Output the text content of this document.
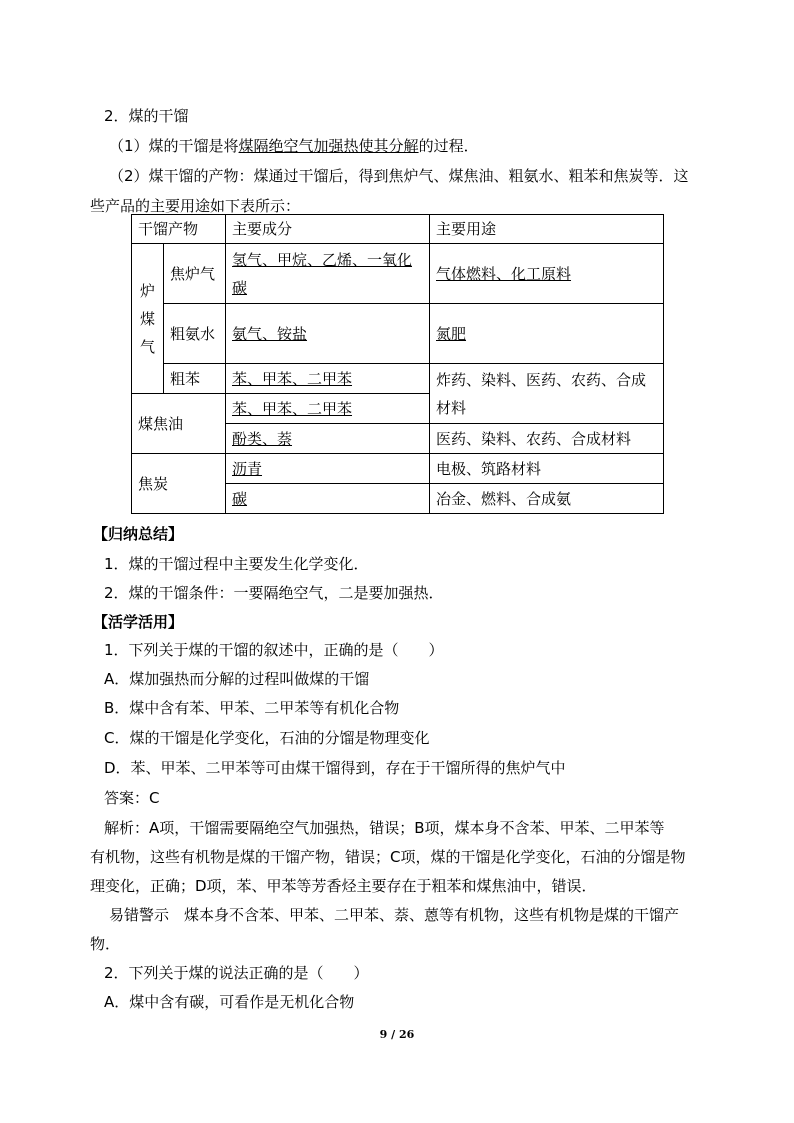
2．煤的干馏
（1）煤的干馏是将煤隔绝空气加强热使其分解的过程．
（2）煤干馏的产物：煤通过干馏后，得到焦炉气、煤焦油、粗氨水、粗苯和焦炭等．这
些产品的主要用途如下表所示：
干馏产物		主要成分	主要用途
炉煤气	焦炉气	氢气、甲烷、乙烯、一氧化碳	气体燃料、化工原料
	粗氨水	氨气、铵盐	氮肥
	粗苯	苯、甲苯、二甲苯	炸药、染料、医药、农药、合成材料
煤焦油		苯、甲苯、二甲苯	
		酚类、萘	医药、染料、农药、合成材料
焦炭		沥青	电极、筑路材料
		碳	冶金、燃料、合成氨
【归纳总结】
1．煤的干馏过程中主要发生化学变化．
2．煤的干馏条件：一要隔绝空气，二是要加强热．
【活学活用】
1．下列关于煤的干馏的叙述中，正确的是（　　）
A．煤加强热而分解的过程叫做煤的干馏
B．煤中含有苯、甲苯、二甲苯等有机化合物
C．煤的干馏是化学变化，石油的分馏是物理变化
D．苯、甲苯、二甲苯等可由煤干馏得到，存在于干馏所得的焦炉气中
答案：C
解析：A项，干馏需要隔绝空气加强热，错误；B项，煤本身不含苯、甲苯、二甲苯等
有机物，这些有机物是煤的干馏产物，错误；C项，煤的干馏是化学变化，石油的分馏是物
理变化，正确；D项，苯、甲苯等芳香烃主要存在于粗苯和煤焦油中，错误．
易错警示　煤本身不含苯、甲苯、二甲苯、萘、蒽等有机物，这些有机物是煤的干馏产
物．
2．下列关于煤的说法正确的是（　　）
A．煤中含有碳，可看作是无机化合物
9 / 26
